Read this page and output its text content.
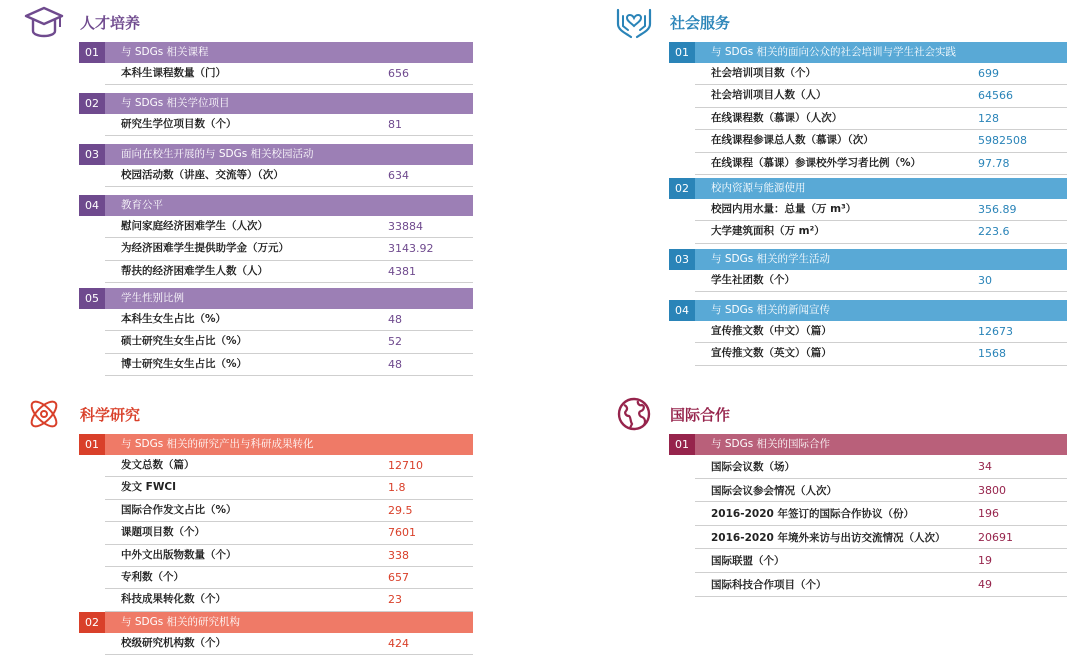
人才培养
01	与 SDGs 相关课程
本科生课程数量（门）	656
02	与 SDGs 相关学位项目
研究生学位项目数（个）	81
03	面向在校生开展的与 SDGs 相关校园活动
校园活动数（讲座、交流等）（次）	634
04	教育公平
慰问家庭经济困难学生（人次）	33884
为经济困难学生提供助学金（万元）	3143.92
帮扶的经济困难学生人数（人）	4381
05	学生性别比例
本科生女生占比（%）	48
硕士研究生女生占比（%）	52
博士研究生女生占比（%）	48
社会服务
01	与 SDGs 相关的面向公众的社会培训与学生社会实践
社会培训项目数（个）	699
社会培训项目人数（人）	64566
在线课程数（慕课）（人次）	128
在线课程参课总人数（慕课）（次）	5982508
在线课程（慕课）参课校外学习者比例（%）	97.78
02	校内资源与能源使用
校园内用水量：总量（万 m³）	356.89
大学建筑面积（万 m²）	223.6
03	与 SDGs 相关的学生活动
学生社团数（个）	30
04	与 SDGs 相关的新闻宣传
宣传推文数（中文）（篇）	12673
宣传推文数（英文）（篇）	1568
科学研究
01	与 SDGs 相关的研究产出与科研成果转化
发文总数（篇）	12710
发文 FWCI	1.8
国际合作发文占比（%）	29.5
课题项目数（个）	7601
中外文出版物数量（个）	338
专利数（个）	657
科技成果转化数（个）	23
02	与 SDGs 相关的研究机构
校级研究机构数（个）	424
国际合作
01	与 SDGs 相关的国际合作
国际会议数（场）	34
国际会议参会情况（人次）	3800
2016-2020 年签订的国际合作协议（份）	196
2016-2020 年境外来访与出访交流情况（人次）	20691
国际联盟（个）	19
国际科技合作项目（个）	49
